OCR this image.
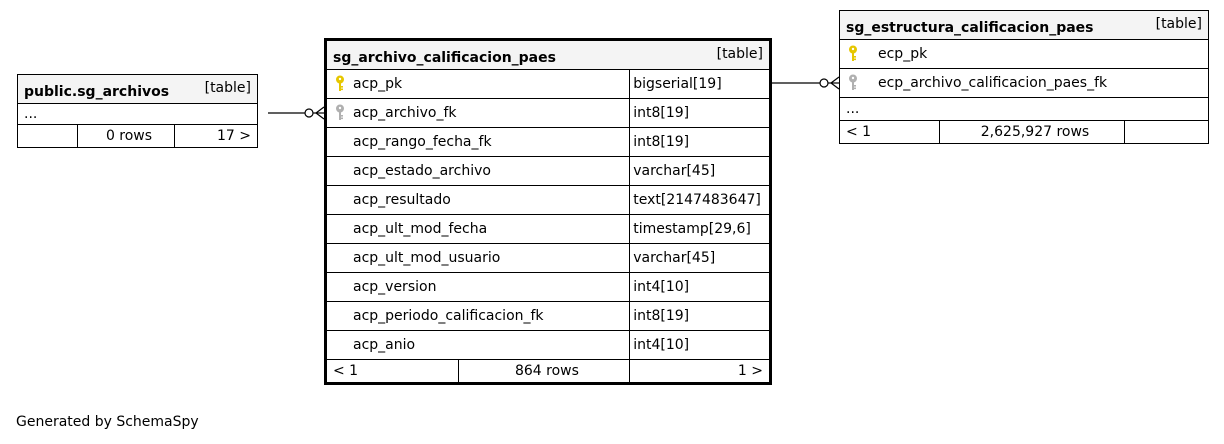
public.sg_archivos	[table]

...
	0 rows	17 >
sg_archivo_calificacion_paes [table]		

acp_pk		bigserial[19]

acp_archivo_fk		int8[19]
acp_rango_fecha_fk		int8[19]
acp_estado_archivo		varchar[45]
acp_resultado		text[2147483647]
acp_ult_mod_fecha		timestamp[29,6]
acp_ult_mod_usuario		varchar[45]
acp_version		int4[10]
acp_periodo_calificacion_fk		int8[19]
acp_anio		int4[10]
< 1	864 rows	1 >
sg_estructura_calificacion_paes	[table]

ecp_pk

ecp_archivo_calificacion_paes_fk
...
< 1	2,625,927 rows	
Generated by SchemaSpy
